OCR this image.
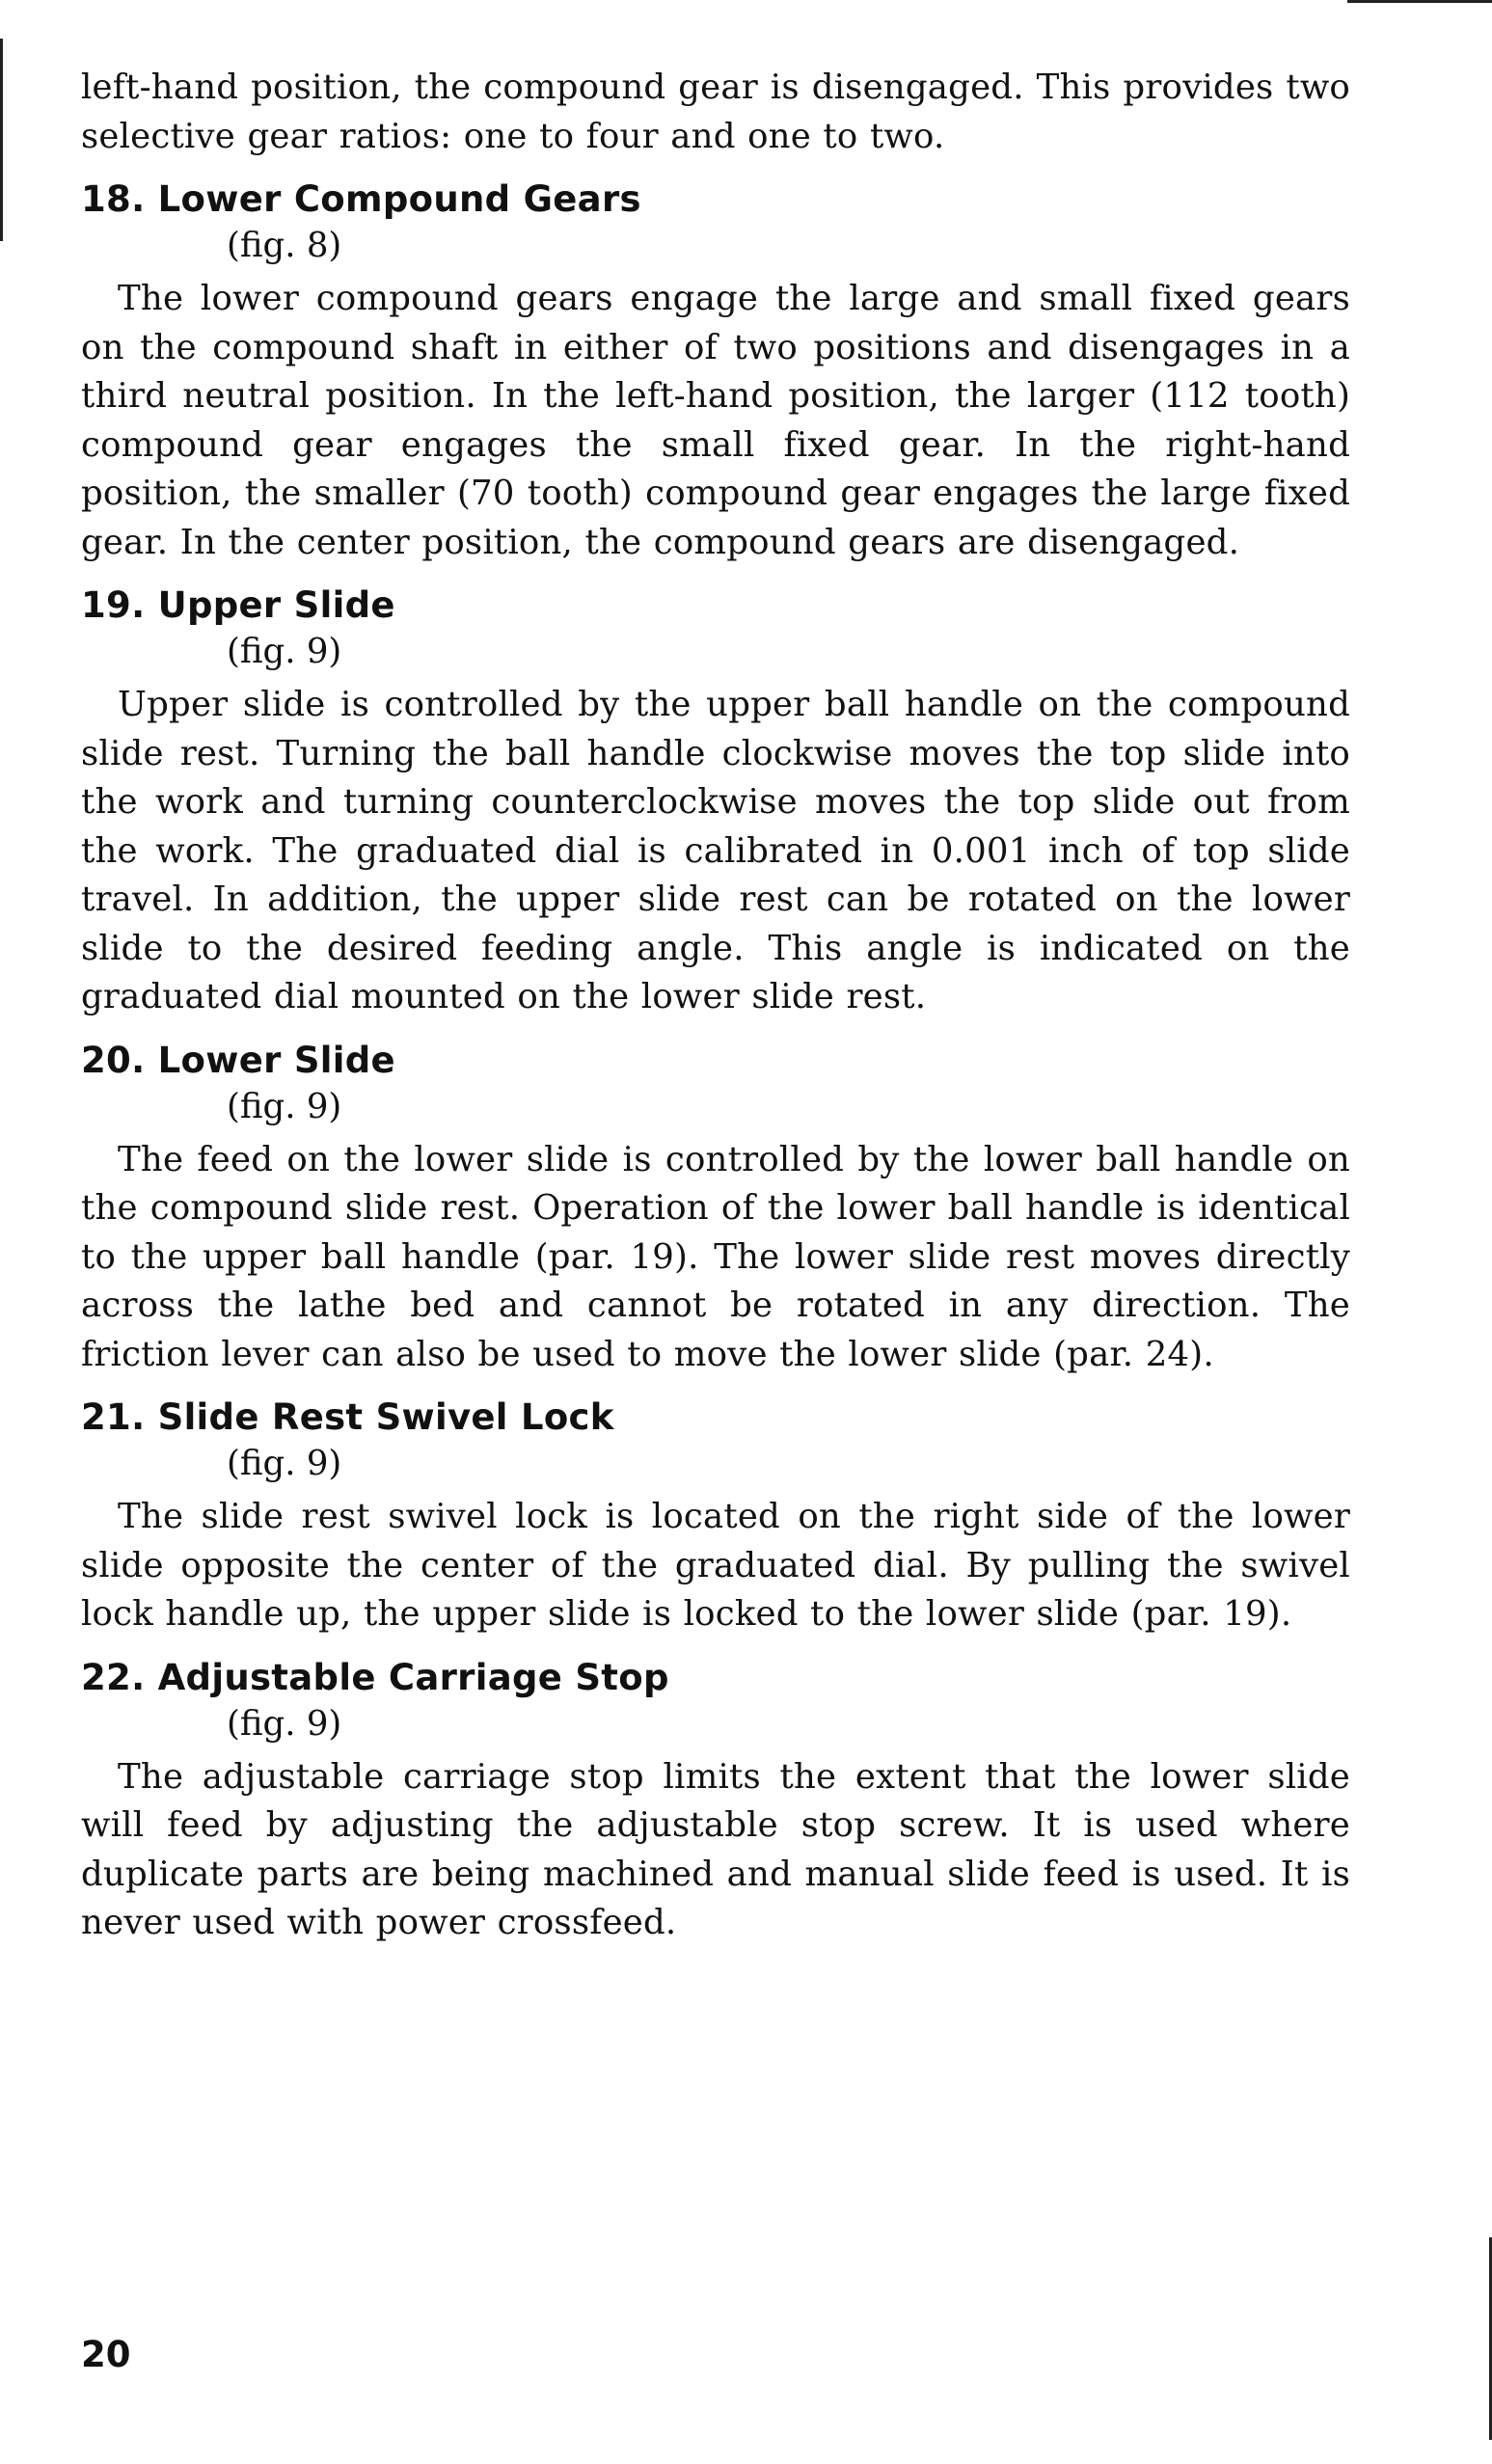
left-hand position, the compound gear is disengaged. This provides two selective gear ratios: one to four and one to two.

18. Lower Compound Gears
(fig. 8)

The lower compound gears engage the large and small fixed gears on the compound shaft in either of two positions and disengages in a third neutral position. In the left-hand position, the larger (112 tooth) compound gear engages the small fixed gear. In the right-hand position, the smaller (70 tooth) compound gear engages the large fixed gear. In the center position, the compound gears are disengaged.

19. Upper Slide
(fig. 9)

Upper slide is controlled by the upper ball handle on the compound slide rest. Turning the ball handle clockwise moves the top slide into the work and turning counterclockwise moves the top slide out from the work. The graduated dial is calibrated in 0.001 inch of top slide travel. In addition, the upper slide rest can be rotated on the lower slide to the desired feeding angle. This angle is indicated on the graduated dial mounted on the lower slide rest.

20. Lower Slide
(fig. 9)

The feed on the lower slide is controlled by the lower ball handle on the compound slide rest. Operation of the lower ball handle is identical to the upper ball handle (par. 19). The lower slide rest moves directly across the lathe bed and cannot be rotated in any direction. The friction lever can also be used to move the lower slide (par. 24).

21. Slide Rest Swivel Lock
(fig. 9)

The slide rest swivel lock is located on the right side of the lower slide opposite the center of the graduated dial. By pulling the swivel lock handle up, the upper slide is locked to the lower slide (par. 19).

22. Adjustable Carriage Stop
(fig. 9)

The adjustable carriage stop limits the extent that the lower slide will feed by adjusting the adjustable stop screw. It is used where duplicate parts are being machined and manual slide feed is used. It is never used with power crossfeed.

20
